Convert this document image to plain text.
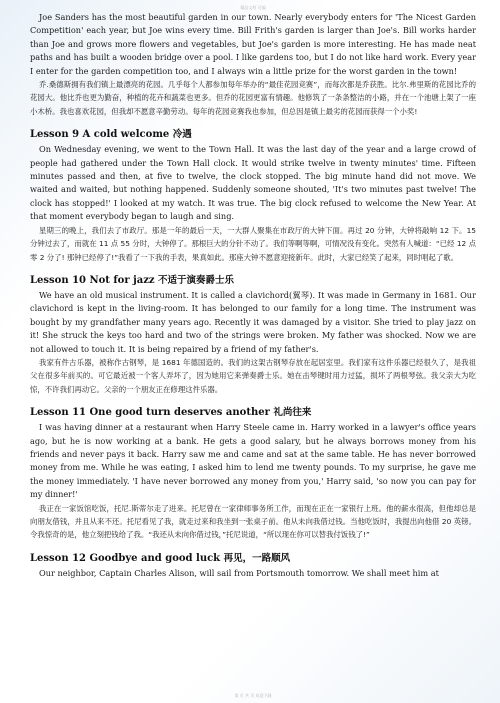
精品文档 可编

Joe Sanders has the most beautiful garden in our town. Nearly everybody enters for 'The Nicest Garden Competition' each year, but Joe wins every time. Bill Frith's garden is larger than Joe's. Bill works harder than Joe and grows more flowers and vegetables, but Joe's garden is more interesting. He has made neat paths and has built a wooden bridge over a pool. I like gardens too, but I do not like hard work. Every year I enter for the garden competition too, and I always win a little prize for the worst garden in the town!

乔.桑德斯拥有我们镇上最漂亮的花园。几乎每个人都参加每年举办的“最佳花园竞赛”，而每次都是乔获胜。比尔.弗里斯的花园比乔的花园大。他比乔也更为勤奋，种植的花卉和蔬菜也更多。但乔的花园更富有情趣。他修筑了一条条整洁的小路，并在一个池塘上架了一座小木桥。我也喜欢花园，但我却不愿意辛勤劳动。每年的花园竞赛我也参加，但总因是镇上最劣的花园而获得一个小奖!

Lesson 9 A cold welcome 冷遇

On Wednesday evening, we went to the Town Hall. It was the last day of the year and a large crowd of people had gathered under the Town Hall clock. It would strike twelve in twenty minutes' time. Fifteen minutes passed and then, at five to twelve, the clock stopped. The big minute hand did not move. We waited and waited, but nothing happened. Suddenly someone shouted, 'It's two minutes past twelve! The clock has stopped!' I looked at my watch. It was true. The big clock refused to welcome the New Year. At that moment everybody began to laugh and sing.

星期三的晚上，我们去了市政厅。那是一年的最后一天，一大群人聚集在市政厅的大钟下面。再过 20 分钟，大钟将敲响 12 下。15 分钟过去了，而就在 11 点 55 分时，大钟停了。那根巨大的分针不动了。我们等啊等啊，可情况没有变化。突然有人喊道：“已经 12 点零 2 分了! 那钟已经停了!”我看了一下我的手表，果真如此。那座大钟不愿意迎接新年。此时，大家已经笑了起来，同时唱起了歌。

Lesson 10 Not for jazz 不适于演奏爵士乐

We have an old musical instrument. It is called a clavichord(翼琴). It was made in Germany in 1681. Our clavichord is kept in the living-room. It has belonged to our family for a long time. The instrument was bought by my grandfather many years ago. Recently it was damaged by a visitor. She tried to play jazz on it! She struck the keys too hard and two of the strings were broken. My father was shocked. Now we are not allowed to touch it. It is being repaired by a friend of my father's.

我家有件古乐器，被称作古钢琴，是 1681 年德国造的。我们的这架古钢琴存放在起居室里。我们家有这件乐器已经很久了，是我祖父在很多年前买的。可它最近被一个客人弄坏了，因为她用它来弹奏爵士乐。她在击琴键时用力过猛，损坏了两根琴弦。我父亲大为吃惊，不许我们再动它。父亲的一个朋友正在修理这件乐器。

Lesson 11 One good turn deserves another 礼尚往来

I was having dinner at a restaurant when Harry Steele came in. Harry worked in a lawyer's office years ago, but he is now working at a bank. He gets a good salary, but he always borrows money from his friends and never pays it back. Harry saw me and came and sat at the same table. He has never borrowed money from me. While he was eating, I asked him to lend me twenty pounds. To my surprise, he gave me the money immediately. 'I have never borrowed any money from you,' Harry said, 'so now you can pay for my dinner!'

我正在一家饭馆吃饭，托尼.斯蒂尔走了进来。托尼曾在一家律师事务所工作，而现在正在一家银行上班。他的薪水很高，但他却总是向朋友借钱，并且从来不还。托尼看见了我，就走过来和我坐到一张桌子前。他从未向我借过钱。当他吃饭时，我提出向他借 20 英镑。令我惊奇的是，他立刻把钱给了我。“我还从未向你借过钱，”托尼说道，“所以现在你可以替我付饭钱了!”

Lesson 12 Goodbye and good luck 再见，一路顺风

Our neighbor, Captain Charles Alison, will sail from Portsmouth tomorrow. We shall meet him at

第 页 共 页 欢迎下载
